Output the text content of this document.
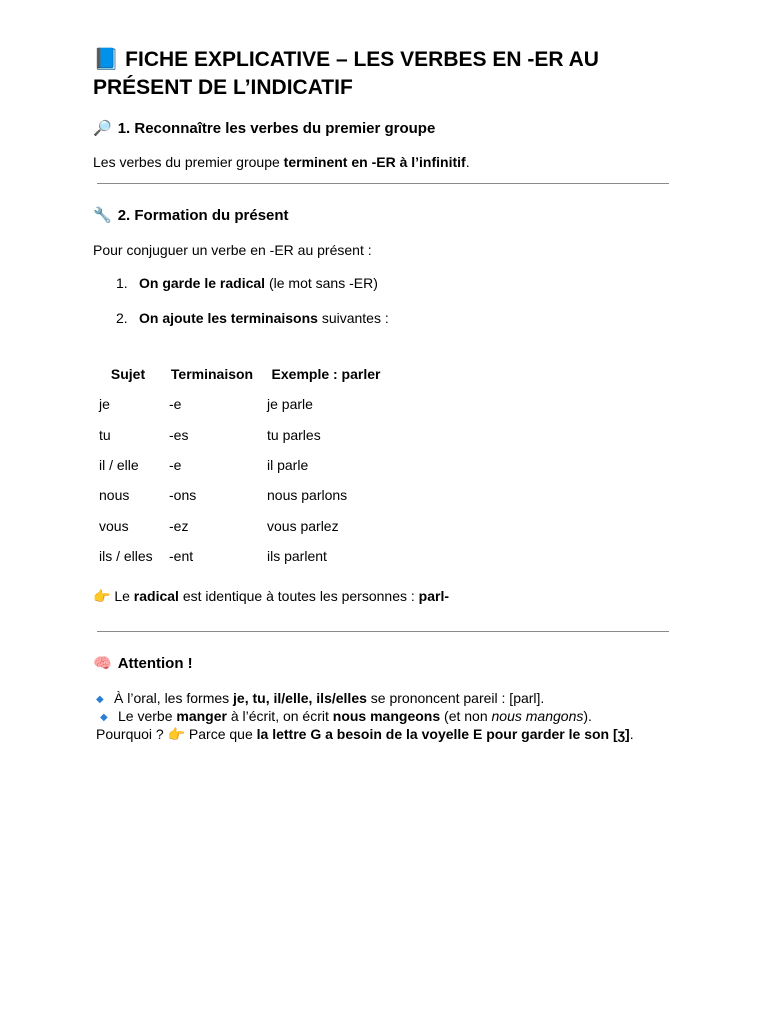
📘 FICHE EXPLICATIVE – LES VERBES EN -ER AU PRÉSENT DE L’INDICATIF
🔎 1. Reconnaître les verbes du premier groupe

Les verbes du premier groupe terminent en -ER à l’infinitif.

🔧 2. Formation du présent

Pour conjuguer un verbe en -ER au présent :

1. On garde le radical (le mot sans -ER)
2. On ajoute les terminaisons suivantes :
Sujet	Terminaison	Exemple : parler
je	-e	je parle
tu	-es	tu parles
il / elle	-e	il parle
nous	-ons	nous parlons
vous	-ez	vous parlez
ils / elles	-ent	ils parlent

👉 Le radical est identique à toutes les personnes : parl-

🧠 Attention !

◆ À l’oral, les formes je, tu, il/elle, ils/elles se prononcent pareil : [parl].

◆ Le verbe manger à l’écrit, on écrit nous mangeons (et non nous mangons).

Pourquoi ? 👉 Parce que la lettre G a besoin de la voyelle E pour garder le son [ʒ].
